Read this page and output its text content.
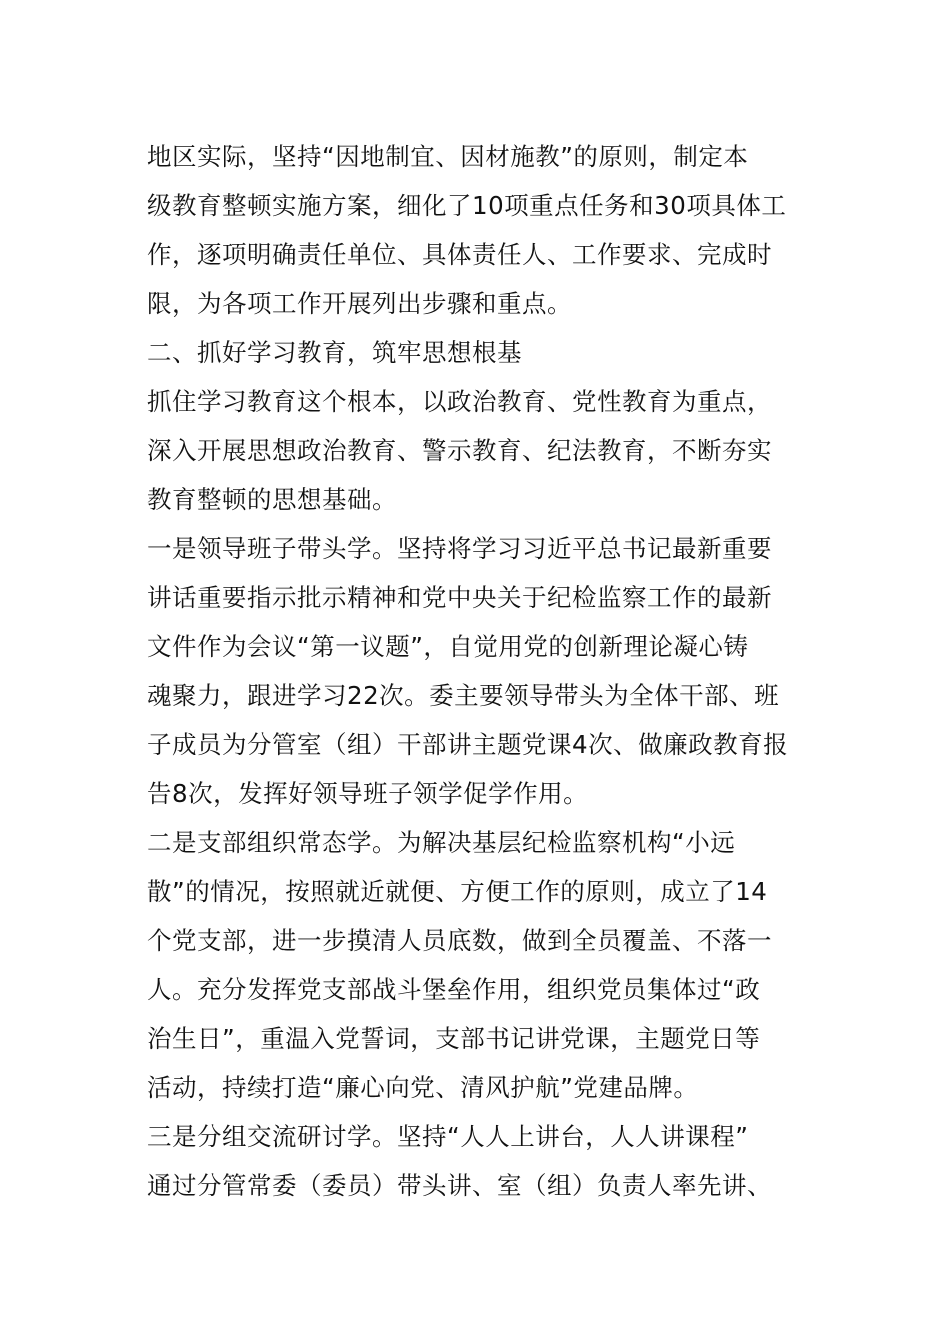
地区实际，坚持“因地制宜、因材施教”的原则，制定本
级教育整顿实施方案，细化了10项重点任务和30项具体工
作，逐项明确责任单位、具体责任人、工作要求、完成时
限，为各项工作开展列出步骤和重点。

二、抓好学习教育，筑牢思想根基

抓住学习教育这个根本，以政治教育、党性教育为重点，
深入开展思想政治教育、警示教育、纪法教育，不断夯实
教育整顿的思想基础。

一是领导班子带头学。坚持将学习习近平总书记最新重要
讲话重要指示批示精神和党中央关于纪检监察工作的最新
文件作为会议“第一议题”，自觉用党的创新理论凝心铸
魂聚力，跟进学习22次。委主要领导带头为全体干部、班
子成员为分管室（组）干部讲主题党课4次、做廉政教育报
告8次，发挥好领导班子领学促学作用。

二是支部组织常态学。为解决基层纪检监察机构“小远
散”的情况，按照就近就便、方便工作的原则，成立了14
个党支部，进一步摸清人员底数，做到全员覆盖、不落一
人。充分发挥党支部战斗堡垒作用，组织党员集体过“政
治生日”，重温入党誓词，支部书记讲党课，主题党日等
活动，持续打造“廉心向党、清风护航”党建品牌。

三是分组交流研讨学。坚持“人人上讲台，人人讲课程”
通过分管常委（委员）带头讲、室（组）负责人率先讲、
